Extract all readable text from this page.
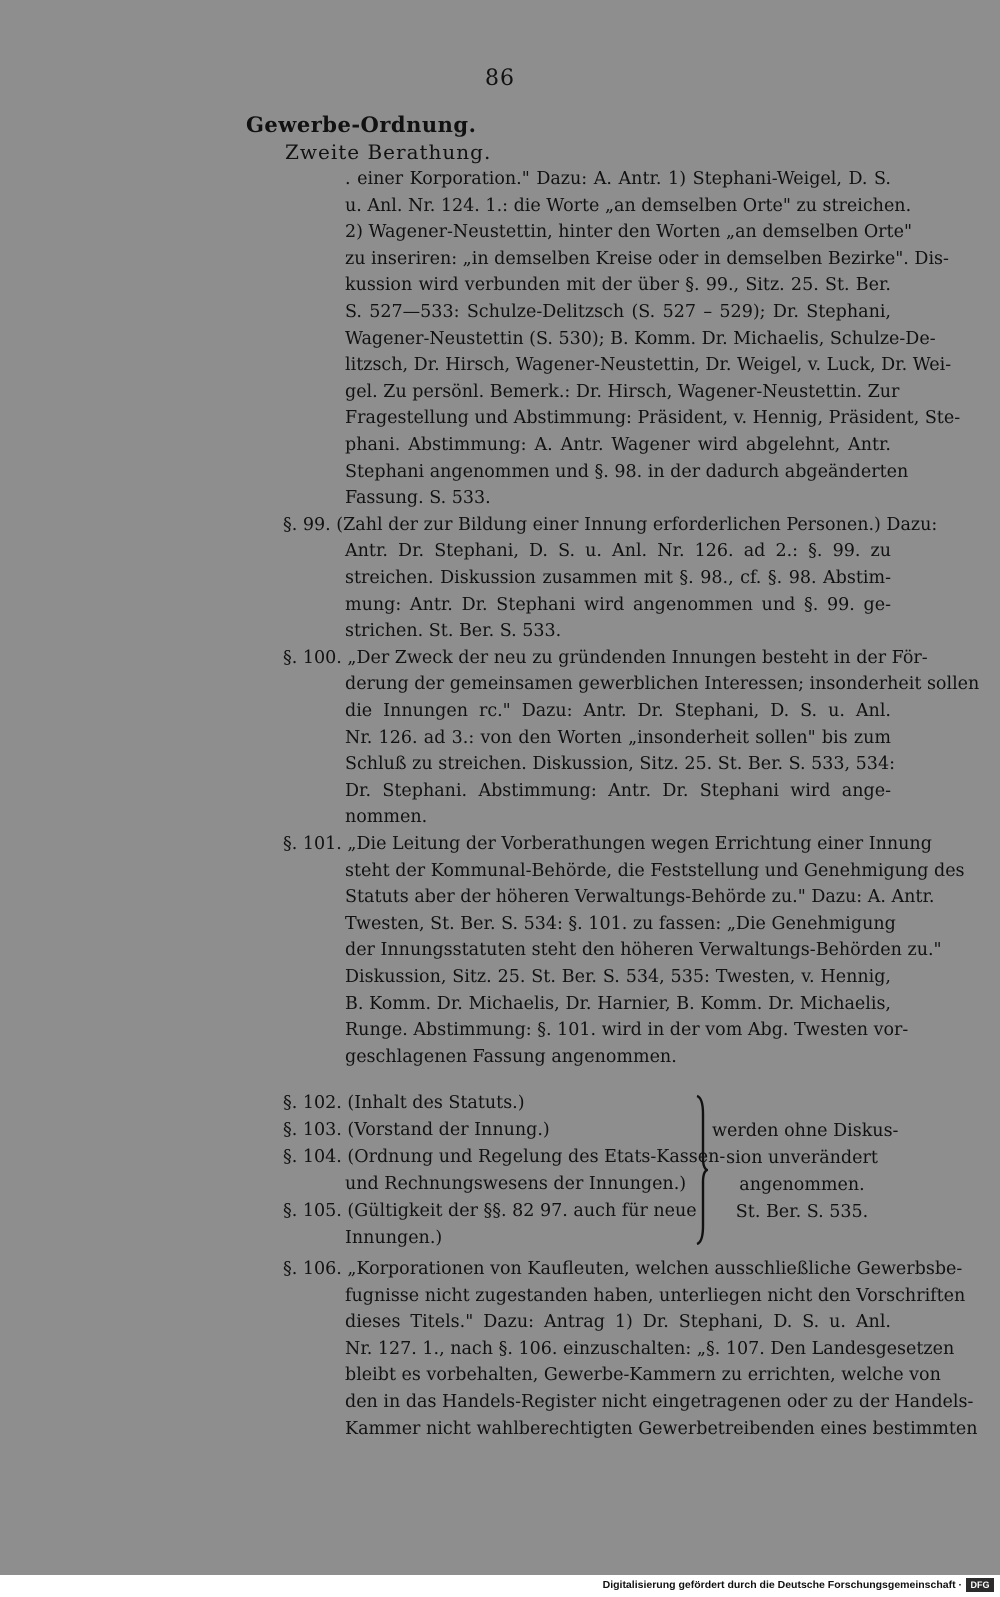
86
Gewerbe-Ordnung.
Zweite Berathung.
. einer Korporation." Dazu: A. Antr. 1) Stephani-Weigel, D. S.
u. Anl. Nr. 124. 1.: die Worte „an demselben Orte" zu streichen.
2) Wagener-Neustettin, hinter den Worten „an demselben Orte"
zu inseriren: „in demselben Kreise oder in demselben Bezirke". Dis-
kussion wird verbunden mit der über §. 99., Sitz. 25. St. Ber.
S. 527—533: Schulze-Delitzsch (S. 527 – 529); Dr. Stephani,
Wagener-Neustettin (S. 530); B. Komm. Dr. Michaelis, Schulze-De-
litzsch, Dr. Hirsch, Wagener-Neustettin, Dr. Weigel, v. Luck, Dr. Wei-
gel. Zu persönl. Bemerk.: Dr. Hirsch, Wagener-Neustettin. Zur
Fragestellung und Abstimmung: Präsident, v. Hennig, Präsident, Ste-
phani. Abstimmung: A. Antr. Wagener wird abgelehnt, Antr.
Stephani angenommen und §. 98. in der dadurch abgeänderten
Fassung. S. 533.
§. 99. (Zahl der zur Bildung einer Innung erforderlichen Personen.) Dazu:
Antr. Dr. Stephani, D. S. u. Anl. Nr. 126. ad 2.: §. 99. zu
streichen. Diskussion zusammen mit §. 98., cf. §. 98. Abstim-
mung: Antr. Dr. Stephani wird angenommen und §. 99. ge-
strichen. St. Ber. S. 533.
§. 100. „Der Zweck der neu zu gründenden Innungen besteht in der För-
derung der gemeinsamen gewerblichen Interessen; insonderheit sollen
die Innungen rc." Dazu: Antr. Dr. Stephani, D. S. u. Anl.
Nr. 126. ad 3.: von den Worten „insonderheit sollen" bis zum
Schluß zu streichen. Diskussion, Sitz. 25. St. Ber. S. 533, 534:
Dr. Stephani. Abstimmung: Antr. Dr. Stephani wird ange-
nommen.
§. 101. „Die Leitung der Vorberathungen wegen Errichtung einer Innung
steht der Kommunal-Behörde, die Feststellung und Genehmigung des
Statuts aber der höheren Verwaltungs-Behörde zu." Dazu: A. Antr.
Twesten, St. Ber. S. 534: §. 101. zu fassen: „Die Genehmigung
der Innungsstatuten steht den höheren Verwaltungs-Behörden zu."
Diskussion, Sitz. 25. St. Ber. S. 534, 535: Twesten, v. Hennig,
B. Komm. Dr. Michaelis, Dr. Harnier, B. Komm. Dr. Michaelis,
Runge. Abstimmung: §. 101. wird in der vom Abg. Twesten vor-
geschlagenen Fassung angenommen.
§. 102. (Inhalt des Statuts.)
§. 103. (Vorstand der Innung.)
§. 104. (Ordnung und Regelung des Etats-Kassen-
und Rechnungswesens der Innungen.)
§. 105. (Gültigkeit der §§. 82 97. auch für neue
Innungen.)
werden ohne Diskus-
sion unverändert
angenommen.
St. Ber. S. 535.
§. 106. „Korporationen von Kaufleuten, welchen ausschließliche Gewerbsbe-
fugnisse nicht zugestanden haben, unterliegen nicht den Vorschriften
dieses Titels." Dazu: Antrag 1) Dr. Stephani, D. S. u. Anl.
Nr. 127. 1., nach §. 106. einzuschalten: „§. 107. Den Landesgesetzen
bleibt es vorbehalten, Gewerbe-Kammern zu errichten, welche von
den in das Handels-Register nicht eingetragenen oder zu der Handels-
Kammer nicht wahlberechtigten Gewerbetreibenden eines bestimmten
Digitalisierung gefördert durch die Deutsche Forschungsgemeinschaft · DFG
